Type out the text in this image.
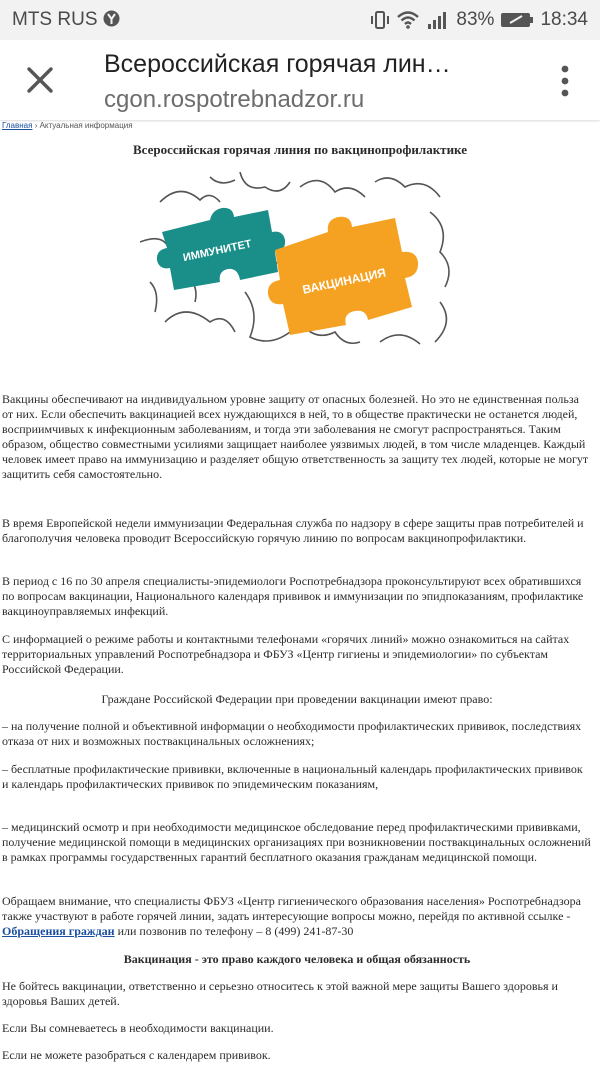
MTS RUS	83% 18:34
Всероссийская горячая лин…
cgon.rospotrebnadzor.ru
Главная › Актуальная информация
Всероссийская горячая линия по вакцинопрофилактике
ИММУНИТЕТ
ВАКЦИНАЦИЯ
Вакцины обеспечивают на индивидуальном уровне защиту от опасных болезней. Но это не единственная польза от них. Если обеспечить вакцинацией всех нуждающихся в ней, то в обществе практически не останется людей, восприимчивых к инфекционным заболеваниям, и тогда эти заболевания не смогут распространяться. Таким образом, общество совместными усилиями защищает наиболее уязвимых людей, в том числе младенцев. Каждый человек имеет право на иммунизацию и разделяет общую ответственность за защиту тех людей, которые не могут защитить себя самостоятельно.
В время Европейской недели иммунизации Федеральная служба по надзору в сфере защиты прав потребителей и благополучия человека проводит Всероссийскую горячую линию по вопросам вакцинопрофилактики.
В период с 16 по 30 апреля специалисты-эпидемиологи Роспотребнадзора проконсультируют всех обратившихся по вопросам вакцинации, Национального календаря прививок и иммунизации по эпидпоказаниям, профилактике вакциноуправляемых инфекций.
С информацией о режиме работы и контактными телефонами «горячих линий» можно ознакомиться на сайтах территориальных управлений Роспотребнадзора и ФБУЗ «Центр гигиены и эпидемиологии» по субъектам Российской Федерации.
Граждане Российской Федерации при проведении вакцинации имеют право:
– на получение полной и объективной информации о необходимости профилактических прививок, последствиях отказа от них и возможных поствакцинальных осложнениях;
– бесплатные профилактические прививки, включенные в национальный календарь профилактических прививок и календарь профилактических прививок по эпидемическим показаниям,
– медицинский осмотр и при необходимости медицинское обследование перед профилактическими прививками, получение медицинской помощи в медицинских организациях при возникновении поствакцинальных осложнений в рамках программы государственных гарантий бесплатного оказания гражданам медицинской помощи.
Обращаем внимание, что специалисты ФБУЗ «Центр гигиенического образования населения» Роспотребнадзора также участвуют в работе горячей линии, задать интересующие вопросы можно, перейдя по активной ссылке - Обращения граждан или позвонив по телефону – 8 (499) 241-87-30
Вакцинация - это право каждого человека и общая обязанность
Не бойтесь вакцинации, ответственно и серьезно относитесь к этой важной мере защиты Вашего здоровья и здоровья Ваших детей.
Если Вы сомневаетесь в необходимости вакцинации.
Если не можете разобраться с календарем прививок.
